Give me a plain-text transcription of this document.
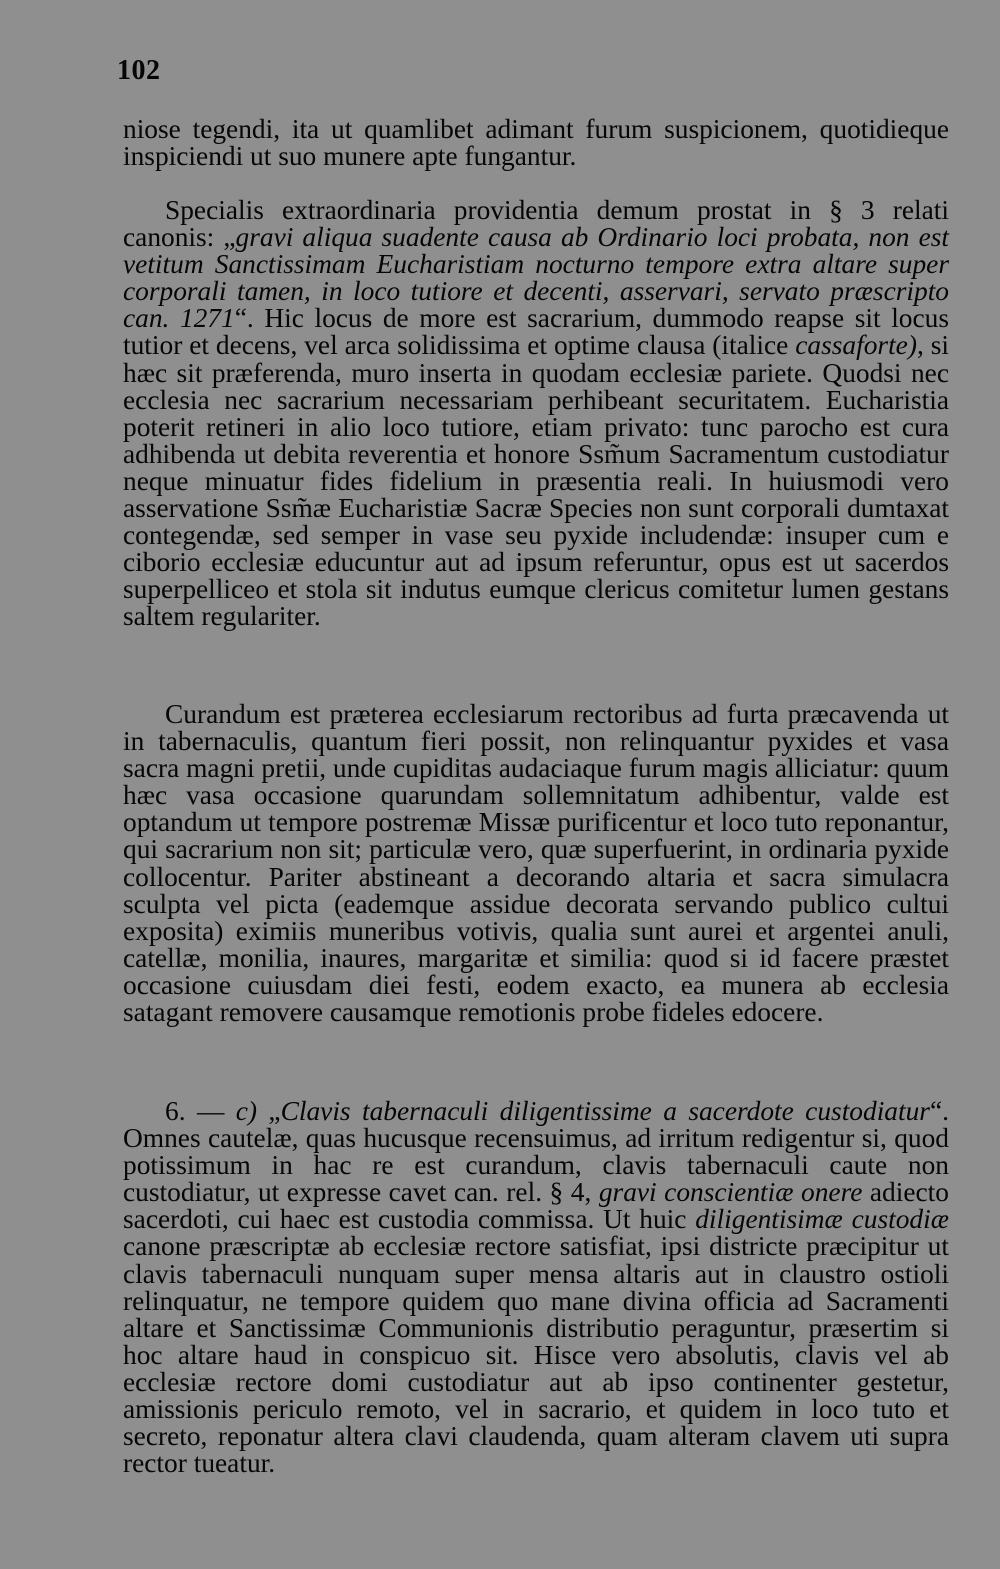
102

niose tegendi, ita ut quamlibet adimant furum suspicionem, quotidieque inspiciendi ut suo munere apte fungantur.

Specialis extraordinaria providentia demum prostat in § 3 relati canonis: „gravi aliqua suadente causa ab Ordinario loci probata, non est vetitum Sanctissimam Eucharistiam nocturno tempore extra altare super corporali tamen, in loco tutiore et decenti, asservari, servato præscripto can. 1271“. Hic locus de more est sacrarium, dummodo reapse sit locus tutior et decens, vel arca solidissima et optime clausa (italice cassaforte), si hæc sit præferenda, muro inserta in quodam ecclesiæ pariete. Quodsi nec ecclesia nec sacrarium necessariam perhibeant securitatem. Eucharistia poterit retineri in alio loco tutiore, etiam privato: tunc parocho est cura adhibenda ut debita reverentia et honore Ssm̃um Sacramentum custodiatur neque minuatur fides fidelium in præsentia reali. In huiusmodi vero asservatione Ssm̃æ Eucharistiæ Sacræ Species non sunt corporali dumtaxat contegendæ, sed semper in vase seu pyxide includendæ: insuper cum e ciborio ecclesiæ educuntur aut ad ipsum referuntur, opus est ut sacerdos superpelliceo et stola sit indutus eumque clericus comitetur lumen gestans saltem regulariter.

Curandum est præterea ecclesiarum rectoribus ad furta præcavenda ut in tabernaculis, quantum fieri possit, non relinquantur pyxides et vasa sacra magni pretii, unde cupiditas audaciaque furum magis alliciatur: quum hæc vasa occasione quarundam sollemnitatum adhibentur, valde est optandum ut tempore postremæ Missæ purificentur et loco tuto reponantur, qui sacrarium non sit; particulæ vero, quæ superfuerint, in ordinaria pyxide collocentur. Pariter abstineant a decorando altaria et sacra simulacra sculpta vel picta (eademque assidue decorata servando publico cultui exposita) eximiis muneribus votivis, qualia sunt aurei et argentei anuli, catellæ, monilia, inaures, margaritæ et similia: quod si id facere præstet occasione cuiusdam diei festi, eodem exacto, ea munera ab ecclesia satagant removere causamque remotionis probe fideles edocere.

6. — c) „Clavis tabernaculi diligentissime a sacerdote custodiatur“. Omnes cautelæ, quas hucusque recensuimus, ad irritum redigentur si, quod potissimum in hac re est curandum, clavis tabernaculi caute non custodiatur, ut expresse cavet can. rel. § 4, gravi conscientiæ onere adiecto sacerdoti, cui haec est custodia commissa. Ut huic diligentisimæ custodiæ canone præscriptæ ab ecclesiæ rectore satisfiat, ipsi districte præcipitur ut clavis tabernaculi nunquam super mensa altaris aut in claustro ostioli relinquatur, ne tempore quidem quo mane divina officia ad Sacramenti altare et Sanctissimæ Communionis distributio peraguntur, præsertim si hoc altare haud in conspicuo sit. Hisce vero absolutis, clavis vel ab ecclesiæ rectore domi custodiatur aut ab ipso continenter gestetur, amissionis periculo remoto, vel in sacrario, et quidem in loco tuto et secreto, reponatur altera clavi claudenda, quam alteram clavem uti supra rector tueatur.
